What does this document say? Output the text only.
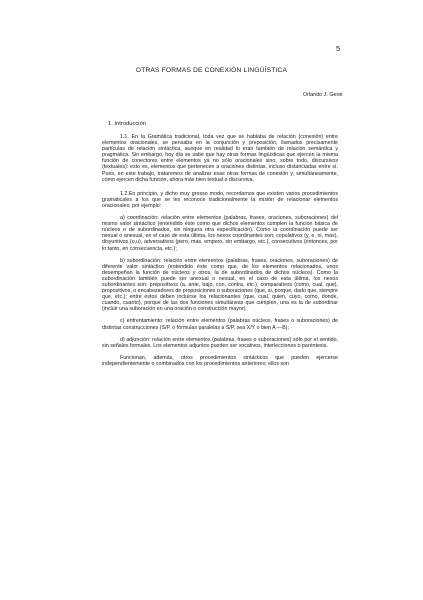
5
OTRAS FORMAS DE CONEXIÓN LINGÜÍSTICA
Orlando J. Gené
1. Introducción

1.1. En la Gramática tradicional, toda vez que se hablaba de relación (conexión) entre elementos oracionales, se pensaba en la conjunción y preposición, llamados precisamente partículas de relación sintáctica, aunque en realidad lo eran también de relación semántica y pragmática. Sin embargo, hoy día se sabe que hay otras formas lingüísticas que ejercen la misma función de conectores entre elementos ya no sólo oracionales sino, sobre todo, discursivos (textuales): esto es, elementos que pertenecen a oraciones distintas, incluso distanciadas entre sí. Pues, en este trabajo, trataremos de analizar esas otras formas de conexión y, simultáneamente, cómo ejercen dicha función, ahora más bien textual o discursiva.

1.2.En principio, y dicho muy grosso modo, recordamos que existen varios procedimientos gramaticales a los que se les reconoce tradicionalmente la misión de relacionar elementos oracionales; por ejemplo:

a) coordinación: relación entre elementos (palabras, frases, oraciones, suboraciones) del mismo valor sintáctico (entendido éste como que dichos elementos cumplen la función básica de núcleos o de subordinados, sin ninguna otra especificación). Como la coordinación puede ser nexual o anexual, en el caso de esta última, los nexos coordinantes son: copulativos (y, e, ni, más), disyuntivos (o,u), adversativos (pero, mas, empero, sin embargo, etc.), consecutivos (entonces, por lo tanto, en consecuencia, etc.);

b) subordinación: relación entre elementos (palabras, frases, oraciones, suboraciones) de diferente valor sintáctico (entendido éste como que, de los elementos relacionados, unos desempeñan la función de núcleos y otros, la de subordinados de dichos núcleos). Como la subordinación también puede ser anexual o nexual, en el caso de esta última, los nexos subordinantes son: prepositivos (a, ante, bajo, con, contra, etc.), comparativos (como, cual, que), propositivos, o encabezadores de proposiciones o suboraciones (que, si, porque, dado que, siempre que, etc.); entre éstos deben incluirse los relacionantes (que, cual, quien, cuyo, como, donde, cuando, cuanto), porque de las dos funciones simultáneas que cumplen, una es la de subordinar (incluir una suboración en una oración o construcción mayor);

c) enfrentamiento: relación entre elementos (palabras núcleos, frases o suboraciones) de distintas construcciones (S/P, o fórmulas paralelas a S/P, sea X/Y o bien A —B);

d) adjunción: relación entre elementos (palabras, frases o suboraciones) sólo por el sentido, sin señales formales. Los elementos adjuntos pueden ser vocativos, interlecciones o paréntesis.

Funcionan, además, otros procedimientos sintácticos que pueden ejercerse independientemente o combinados con los procedimientos anteriores; ellos son
